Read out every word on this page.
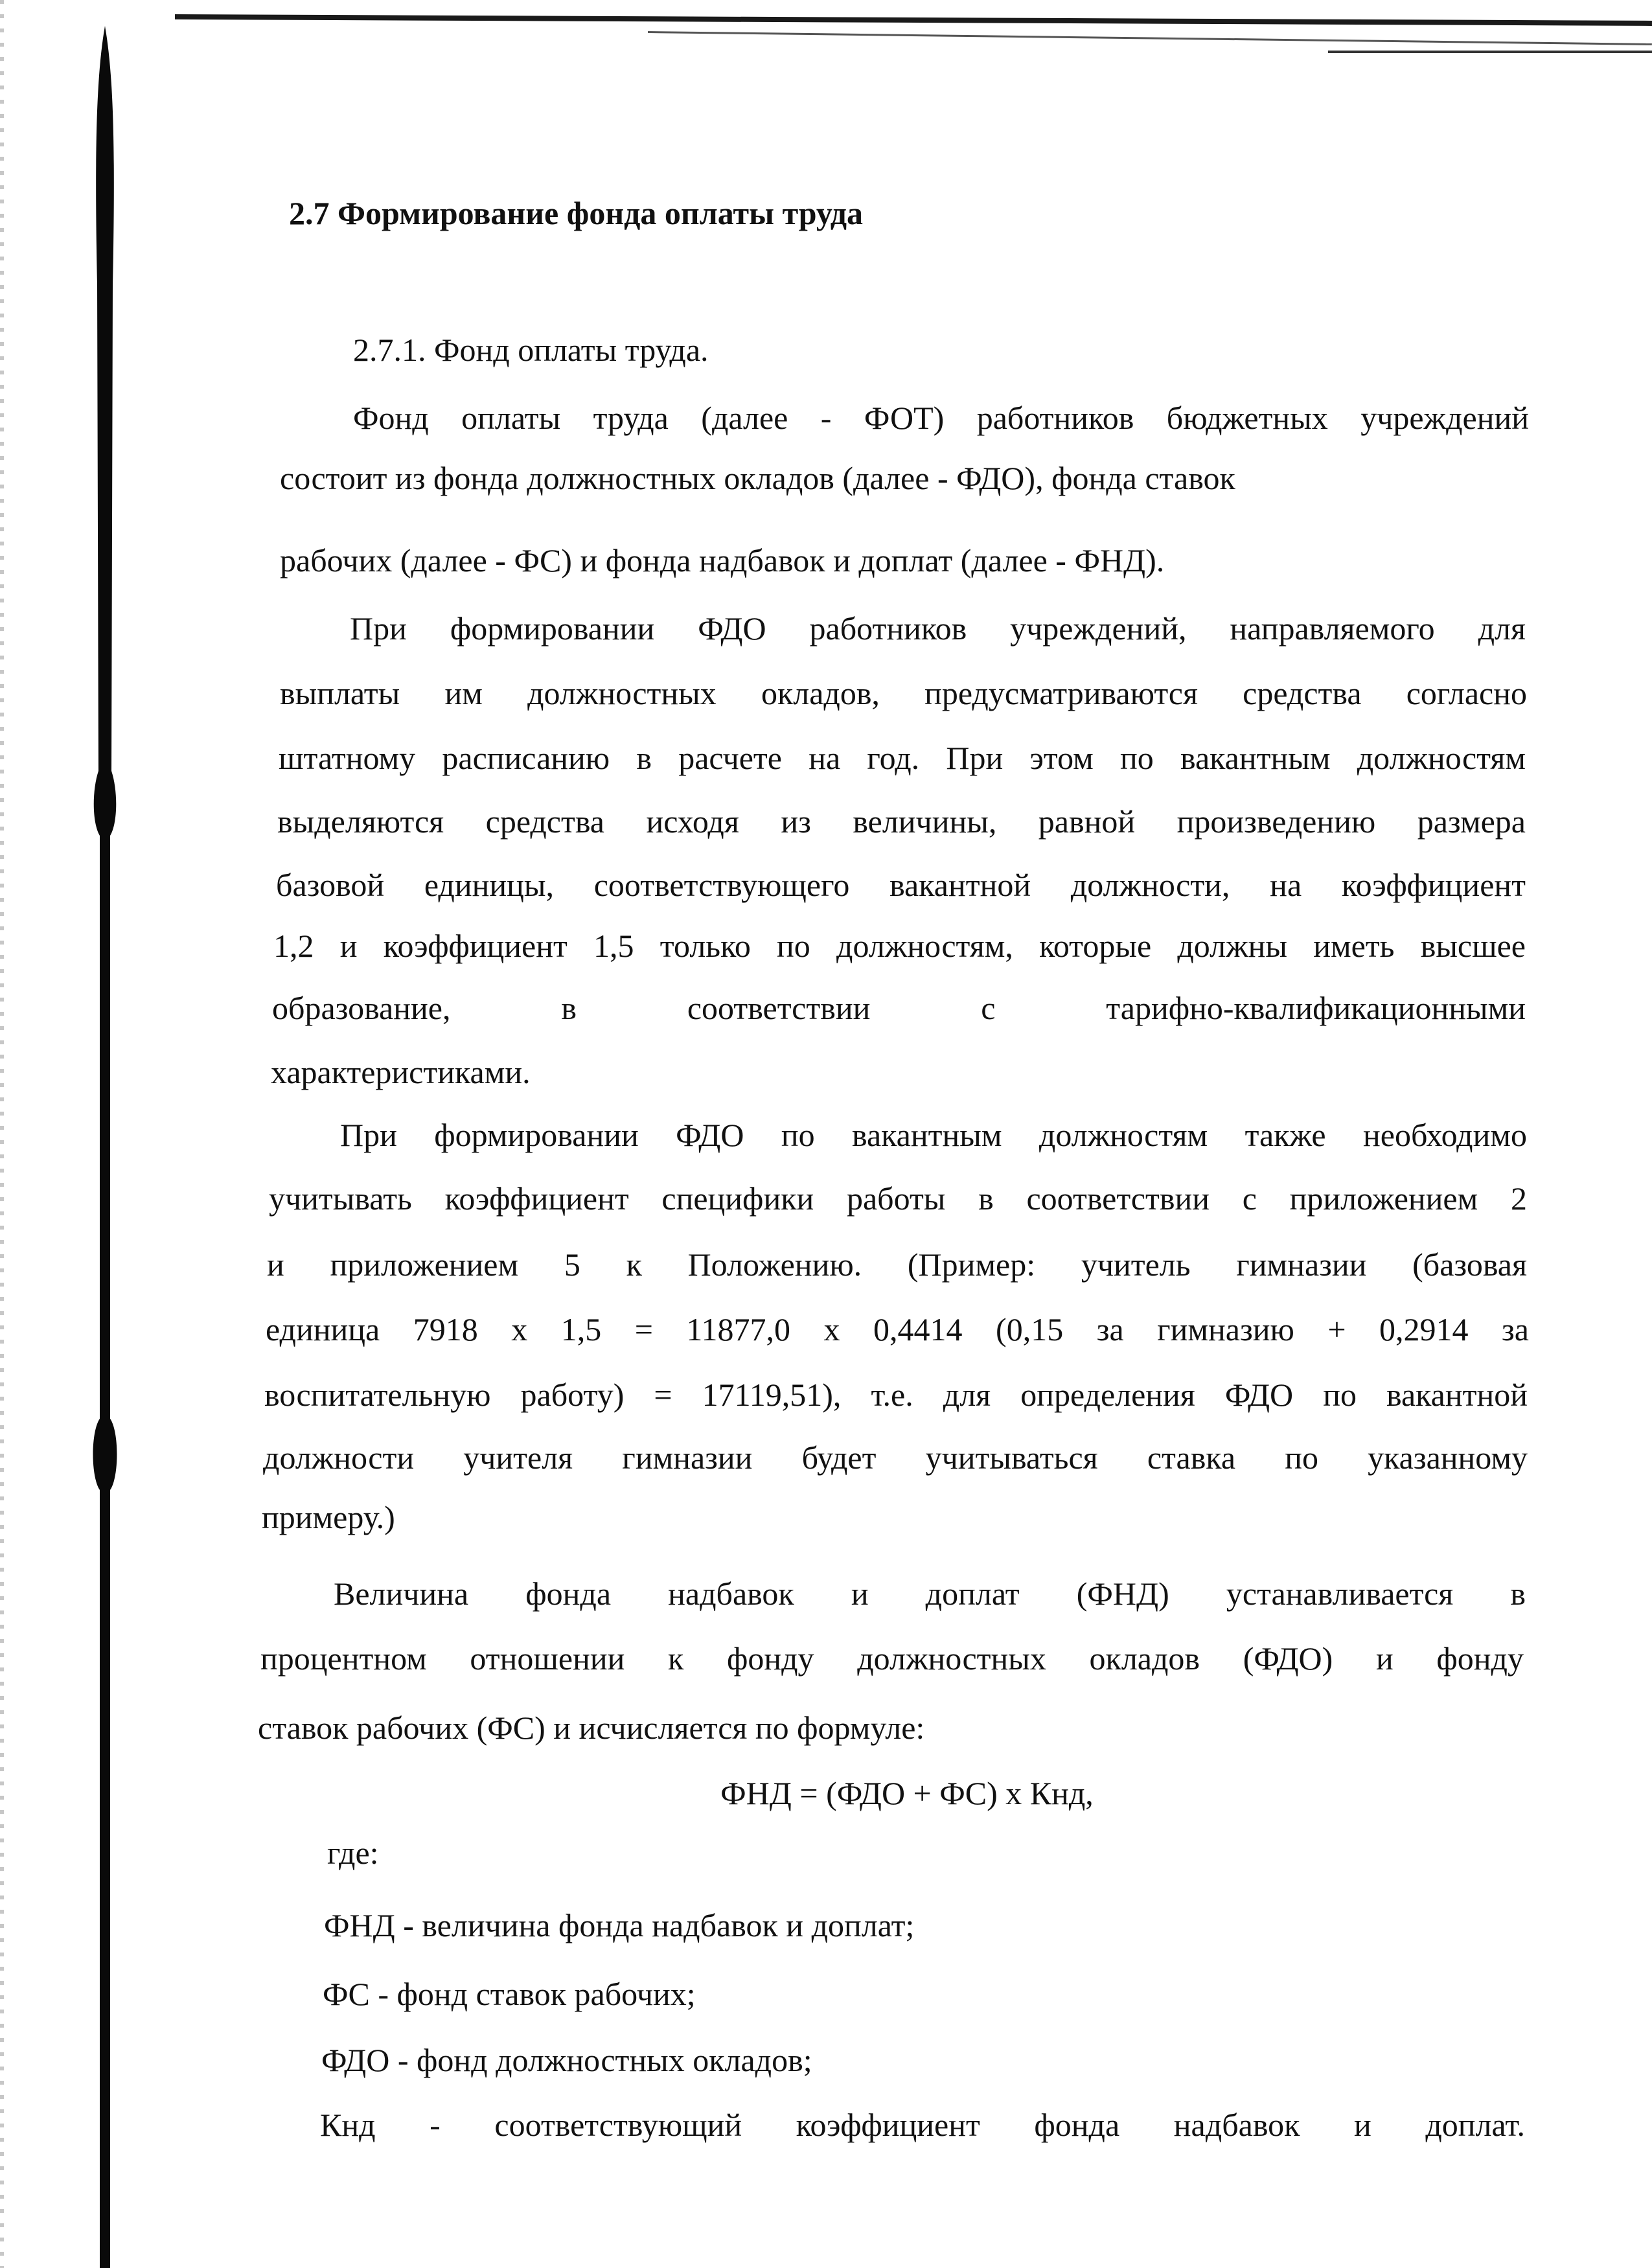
2.7 Формирование фонда оплаты труда
2.7.1. Фонд оплаты труда.
Фонд оплаты труда (далее - ФОТ) работников бюджетных учреждений
состоит из фонда должностных окладов (далее - ФДО), фонда ставок
рабочих (далее - ФС) и фонда надбавок и доплат (далее - ФНД).
При формировании ФДО работников учреждений, направляемого для
выплаты им должностных окладов, предусматриваются средства согласно
штатному расписанию в расчете на год. При этом по вакантным должностям
выделяются средства исходя из величины, равной произведению размера
базовой единицы, соответствующего вакантной должности, на коэффициент
1,2 и коэффициент 1,5 только по должностям, которые должны иметь высшее
образование, в соответствии с тарифно-квалификационными
характеристиками.
При формировании ФДО по вакантным должностям также необходимо
учитывать коэффициент специфики работы в соответствии с приложением 2
и приложением 5 к Положению. (Пример: учитель гимназии (базовая
единица 7918 х 1,5 = 11877,0 х 0,4414 (0,15 за гимназию + 0,2914 за
воспитательную работу) = 17119,51), т.е. для определения ФДО по вакантной
должности учителя гимназии будет учитываться ставка по указанному
примеру.)
Величина фонда надбавок и доплат (ФНД) устанавливается в
процентном отношении к фонду должностных окладов (ФДО) и фонду
ставок рабочих (ФС) и исчисляется по формуле:
ФНД = (ФДО + ФС) х Кнд,
где:
ФНД - величина фонда надбавок и доплат;
ФС - фонд ставок рабочих;
ФДО - фонд должностных окладов;
Кнд - соответствующий коэффициент фонда надбавок и доплат.
